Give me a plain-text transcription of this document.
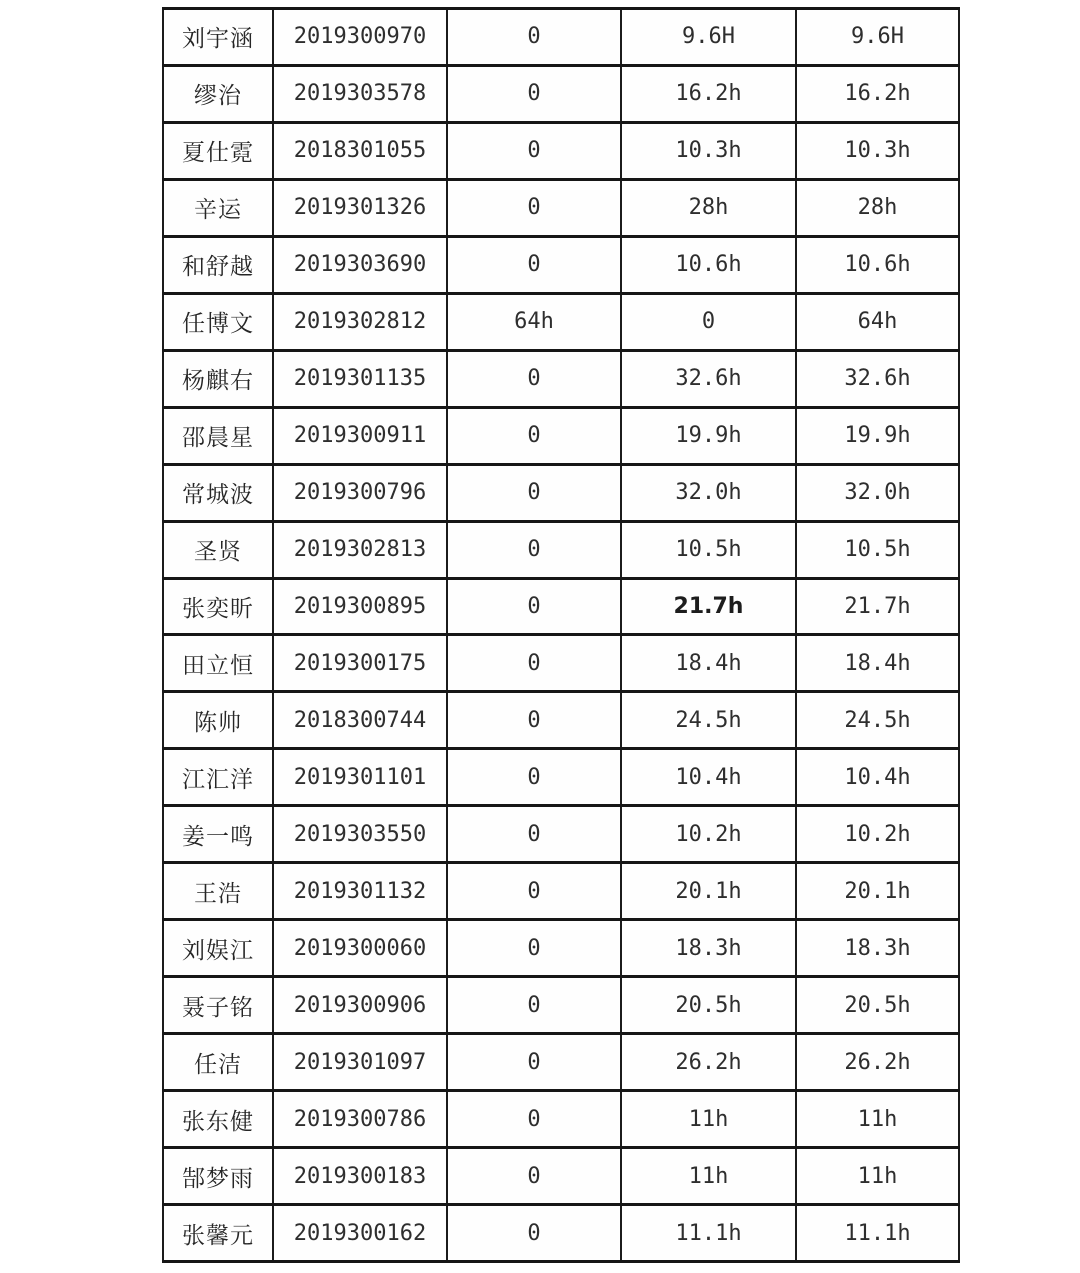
刘宇涵	2019300970	0	9.6H	9.6H
缪治	2019303578	0	16.2h	16.2h
夏仕霓	2018301055	0	10.3h	10.3h
辛运	2019301326	0	28h	28h
和舒越	2019303690	0	10.6h	10.6h
任博文	2019302812	64h	0	64h
杨麒右	2019301135	0	32.6h	32.6h
邵晨星	2019300911	0	19.9h	19.9h
常城波	2019300796	0	32.0h	32.0h
圣贤	2019302813	0	10.5h	10.5h
张奕昕	2019300895	0	21.7h	21.7h
田立恒	2019300175	0	18.4h	18.4h
陈帅	2018300744	0	24.5h	24.5h
江汇洋	2019301101	0	10.4h	10.4h
姜一鸣	2019303550	0	10.2h	10.2h
王浩	2019301132	0	20.1h	20.1h
刘娱江	2019300060	0	18.3h	18.3h
聂子铭	2019300906	0	20.5h	20.5h
任洁	2019301097	0	26.2h	26.2h
张东健	2019300786	0	11h	11h
郜梦雨	2019300183	0	11h	11h
张馨元	2019300162	0	11.1h	11.1h
